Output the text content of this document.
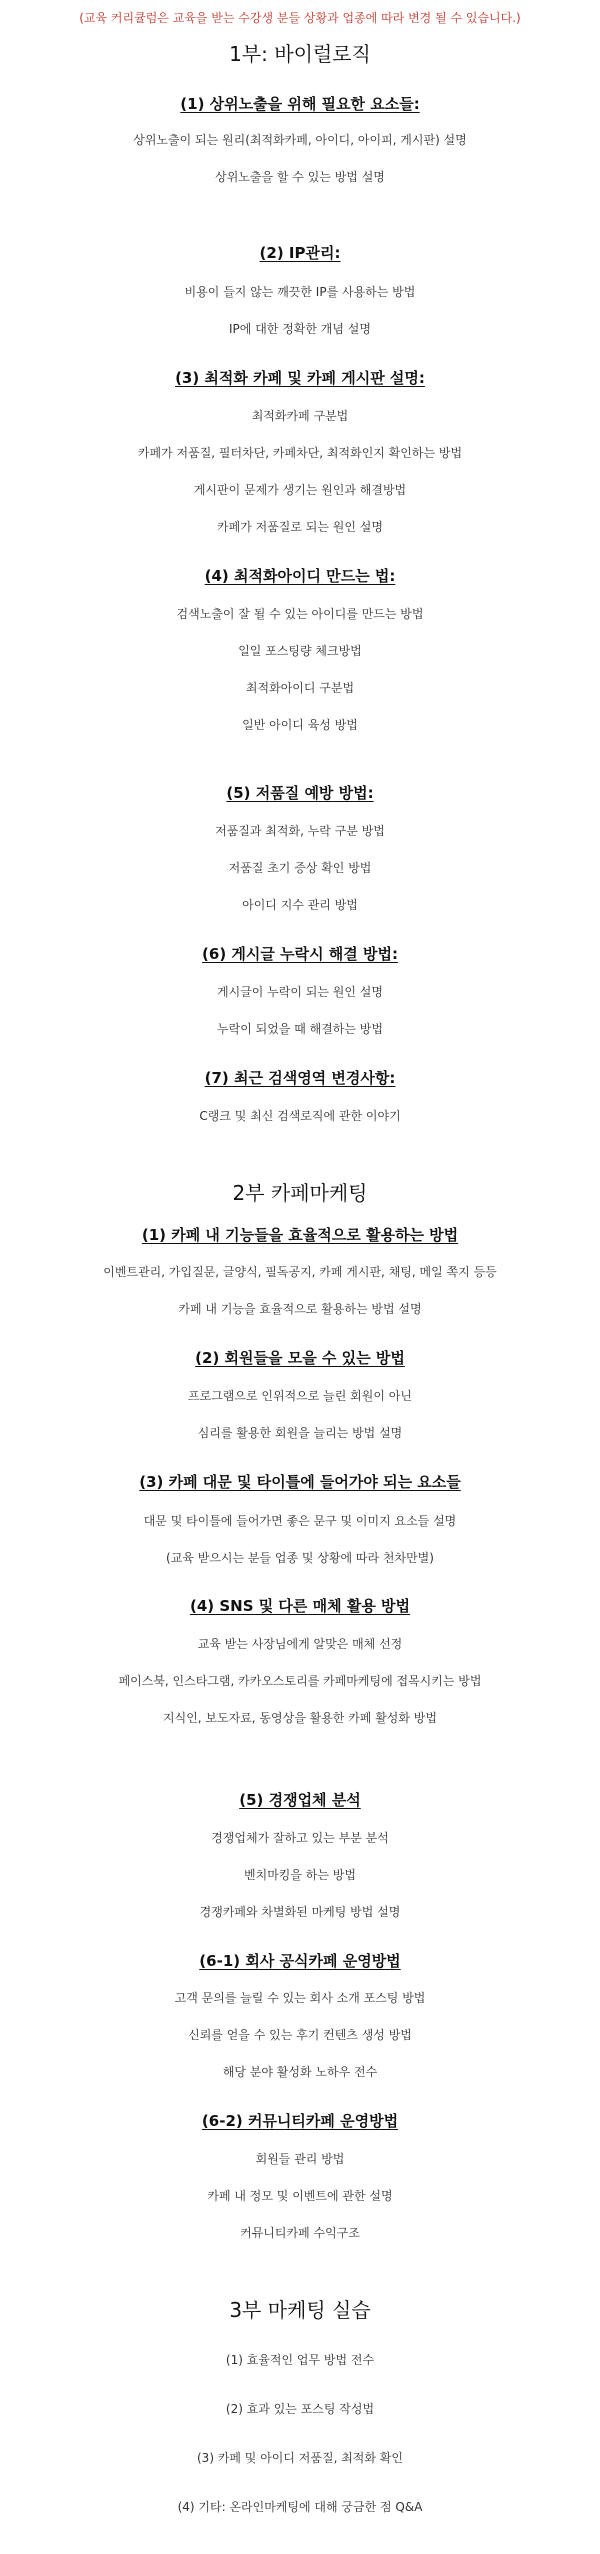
(교육 커리큘럼은 교육을 받는 수강생 분들 상황과 업종에 따라 변경 될 수 있습니다.)
1부: 바이럴로직
(1) 상위노출을 위해 필요한 요소들:
상위노출이 되는 원리(최적화카페, 아이디, 아이피, 게시판) 설명
상위노출을 할 수 있는 방법 설명
(2) IP관리:
비용이 들지 않는 깨끗한 IP를 사용하는 방법
IP에 대한 정확한 개념 설명
(3) 최적화 카페 및 카페 게시판 설명:
최적화카페 구분법
카페가 저품질, 필터차단, 카페차단, 최적화인지 확인하는 방법
게시판이 문제가 생기는 원인과 해결방법
카페가 저품질로 되는 원인 설명
(4) 최적화아이디 만드는 법:
검색노출이 잘 될 수 있는 아이디를 만드는 방법
일일 포스팅량 체크방법
최적화아이디 구분법
일반 아이디 육성 방법
(5) 저품질 예방 방법:
저품질과 최적화, 누락 구분 방법
저품질 초기 증상 확인 방법
아이디 지수 관리 방법
(6) 게시글 누락시 해결 방법:
게시글이 누락이 되는 원인 설명
누락이 되었을 때 해결하는 방법
(7) 최근 검색영역 변경사항:
C랭크 및 최신 검색로직에 관한 이야기
2부 카페마케팅
(1) 카페 내 기능들을 효율적으로 활용하는 방법
이벤트관리, 가입질문, 글양식, 필독공지, 카페 게시판, 채팅, 메일 쪽지 등등
카페 내 기능을 효율적으로 활용하는 방법 설명
(2) 회원들을 모을 수 있는 방법
프로그램으로 인위적으로 늘린 회원이 아닌
심리를 활용한 회원을 늘리는 방법 설명
(3) 카페 대문 및 타이틀에 들어가야 되는 요소들
대문 및 타이틀에 들어가면 좋은 문구 및 이미지 요소들 설명
(교육 받으시는 분들 업종 및 상황에 따라 천차만별)
(4) SNS 및 다른 매체 활용 방법
교육 받는 사장님에게 알맞은 매체 선정
페이스북, 인스타그램, 카카오스토리를 카페마케팅에 접목시키는 방법
지식인, 보도자료, 동영상을 활용한 카페 활성화 방법
(5) 경쟁업체 분석
경쟁업체가 잘하고 있는 부분 분석
벤치마킹을 하는 방법
경쟁카페와 차별화된 마케팅 방법 설명
(6-1) 회사 공식카페 운영방법
고객 문의를 늘릴 수 있는 회사 소개 포스팅 방법
신뢰를 얻을 수 있는 후기 컨텐츠 생성 방법
해당 분야 활성화 노하우 전수
(6-2) 커뮤니티카페 운영방법
회원들 관리 방법
카페 내 정모 및 이벤트에 관한 설명
커뮤니티카페 수익구조
3부 마케팅 실습
(1) 효율적인 업무 방법 전수
(2) 효과 있는 포스팅 작성법
(3) 카페 및 아이디 저품질, 최적화 확인
(4) 기타: 온라인마케팅에 대해 궁금한 점 Q&A
